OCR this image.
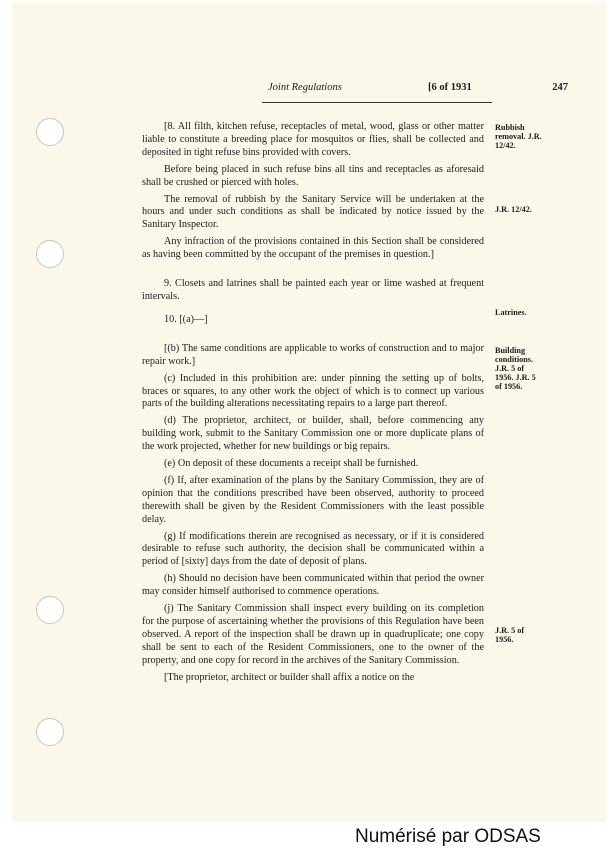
Joint Regulations	[6 of 1931	247

[8. All filth, kitchen refuse, receptacles of metal, wood, glass or other matter liable to constitute a breeding place for mosquitos or flies, shall be collected and deposited in tight refuse bins provided with covers.

Before being placed in such refuse bins all tins and receptacles as aforesaid shall be crushed or pierced with holes.

The removal of rubbish by the Sanitary Service will be undertaken at the hours and under such conditions as shall be indicated by notice issued by the Sanitary Inspector.

Any infraction of the provisions contained in this Section shall be considered as having been committed by the occupant of the premises in question.]

9. Closets and latrines shall be painted each year or lime washed at frequent intervals.

10. [(a)—]

[(b) The same conditions are applicable to works of construction and to major repair work.]

(c) Included in this prohibition are: under pinning the setting up of bolts, braces or squares, to any other work the object of which is to connect up various parts of the building alterations necessitating repairs to a large part thereof.

(d) The proprietor, architect, or builder, shall, before commencing any building work, submit to the Sanitary Commission one or more duplicate plans of the work projected, whether for new buildings or big repairs.

(e) On deposit of these documents a receipt shall be furnished.

(f) If, after examination of the plans by the Sanitary Commission, they are of opinion that the conditions prescribed have been observed, authority to proceed therewith shall be given by the Resident Commissioners with the least possible delay.

(g) If modifications therein are recognised as necessary, or if it is considered desirable to refuse such authority, the decision shall be communicated within a period of [sixty] days from the date of deposit of plans.

(h) Should no decision have been communicated within that period the owner may consider himself authorised to commence operations.

(j) The Sanitary Commission shall inspect every building on its completion for the purpose of ascertaining whether the provisions of this Regulation have been observed. A report of the inspection shall be drawn up in quadruplicate; one copy shall be sent to each of the Resident Commissioners, one to the owner of the property, and one copy for record in the archives of the Sanitary Commission.

[The proprietor, architect or builder shall affix a notice on the

Rubbish removal. J.R. 12/42.
J.R. 12/42.
Latrines.
Building conditions. J.R. 5 of 1956. J.R. 5 of 1956.
J.R. 5 of 1956.
Numérisé par ODSAS
